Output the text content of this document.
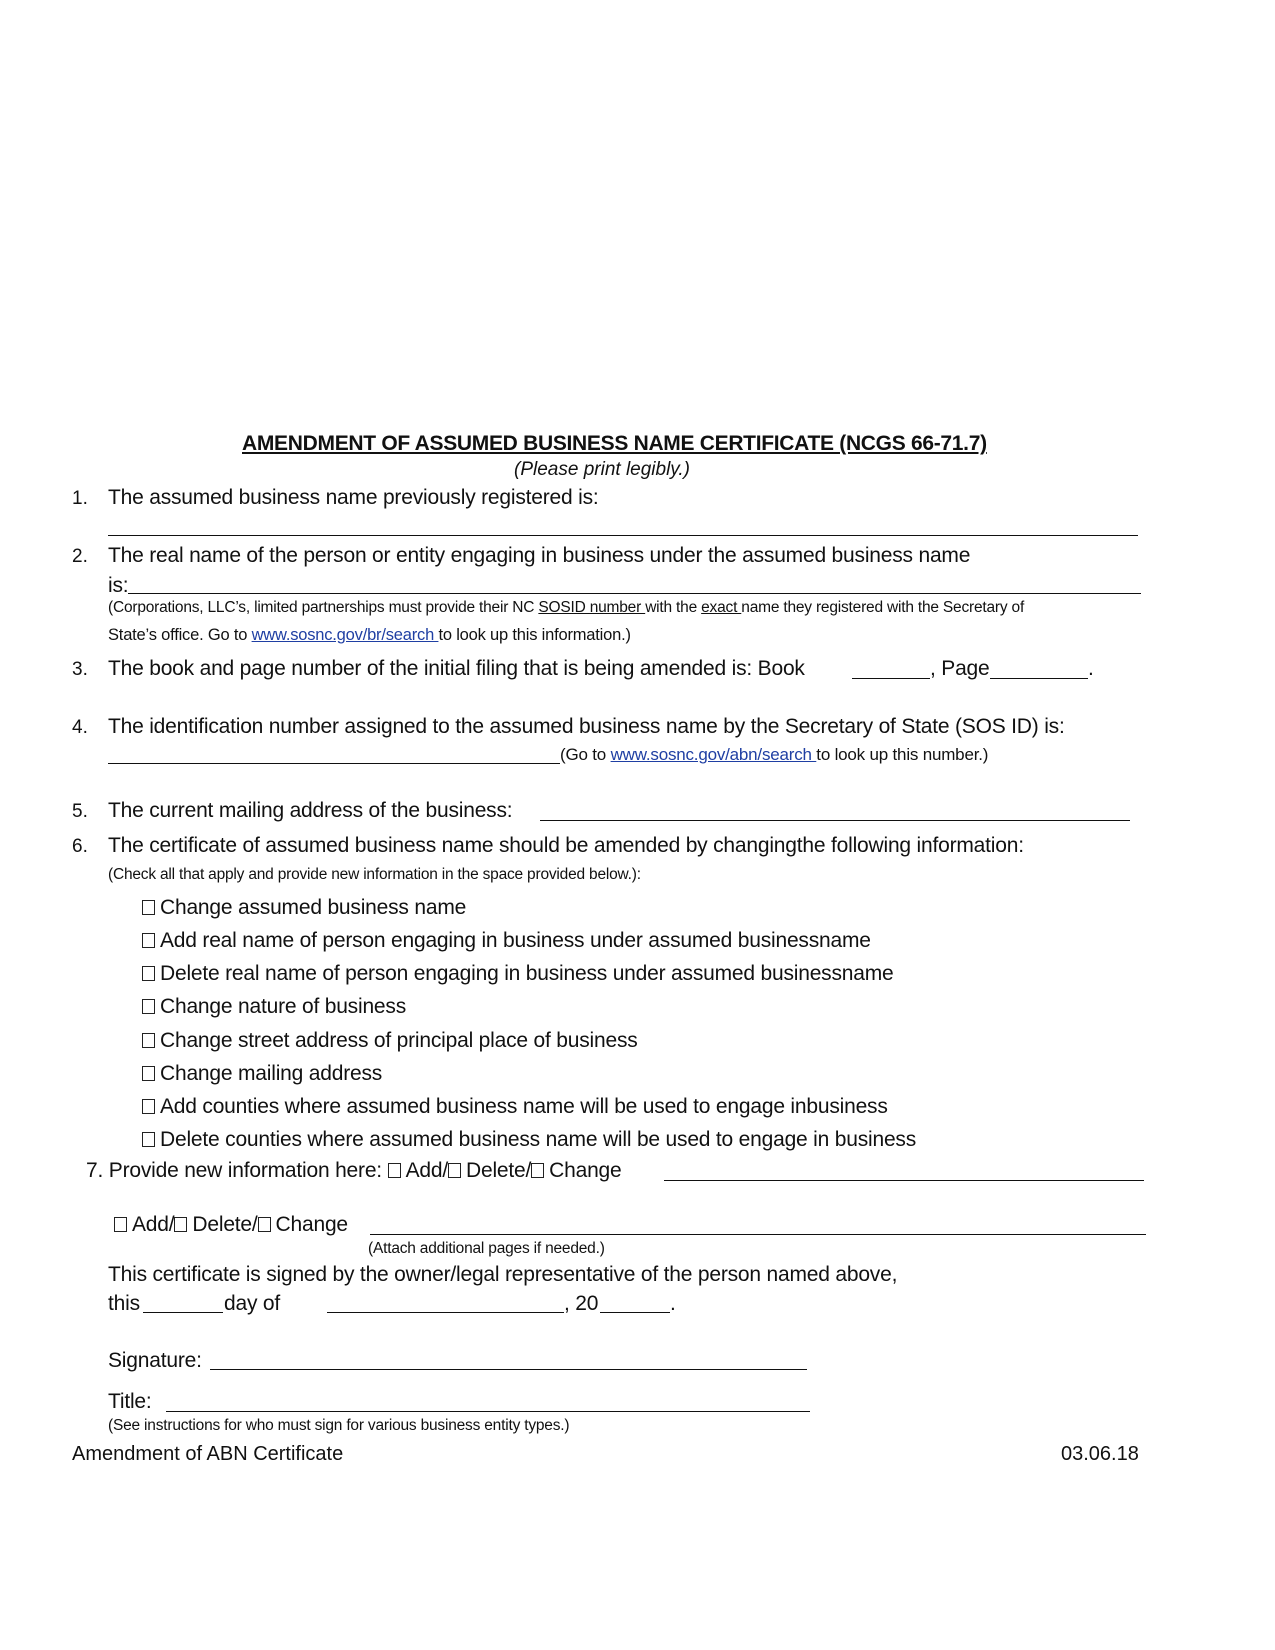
AMENDMENT OF ASSUMED BUSINESS NAME CERTIFICATE (NCGS 66-71.7)
(Please print legibly.)
1. The assumed business name previously registered is:
2. The real name of the person or entity engaging in business under the assumed business name
is:
(Corporations, LLC’s, limited partnerships must provide their NC SOSID number with the exact name they registered with the Secretary of
State’s office. Go to www.sosnc.gov/br/search to look up this information.)
3. The book and page number of the initial filing that is being amended is: Book	, Page	.
4. The identification number assigned to the assumed business name by the Secretary of State (SOS ID) is:
(Go to www.sosnc.gov/abn/search to look up this number.)
5. The current mailing address of the business:
6. The certificate of assumed business name should be amended by changingthe following information:
(Check all that apply and provide new information in the space provided below.):
Change assumed business name
Add real name of person engaging in business under assumed businessname
Delete real name of person engaging in business under assumed businessname
Change nature of business
Change street address of principal place of business
Change mailing address
Add counties where assumed business name will be used to engage inbusiness
Delete counties where assumed business name will be used to engage in business
7. Provide new information here: Add/ Delete/ Change
Add/ Delete/ Change
(Attach additional pages if needed.)
This certificate is signed by the owner/legal representative of the person named above,
this	day of	, 20	.
Signature:
Title:
(See instructions for who must sign for various business entity types.)
Amendment of ABN Certificate	03.06.18
